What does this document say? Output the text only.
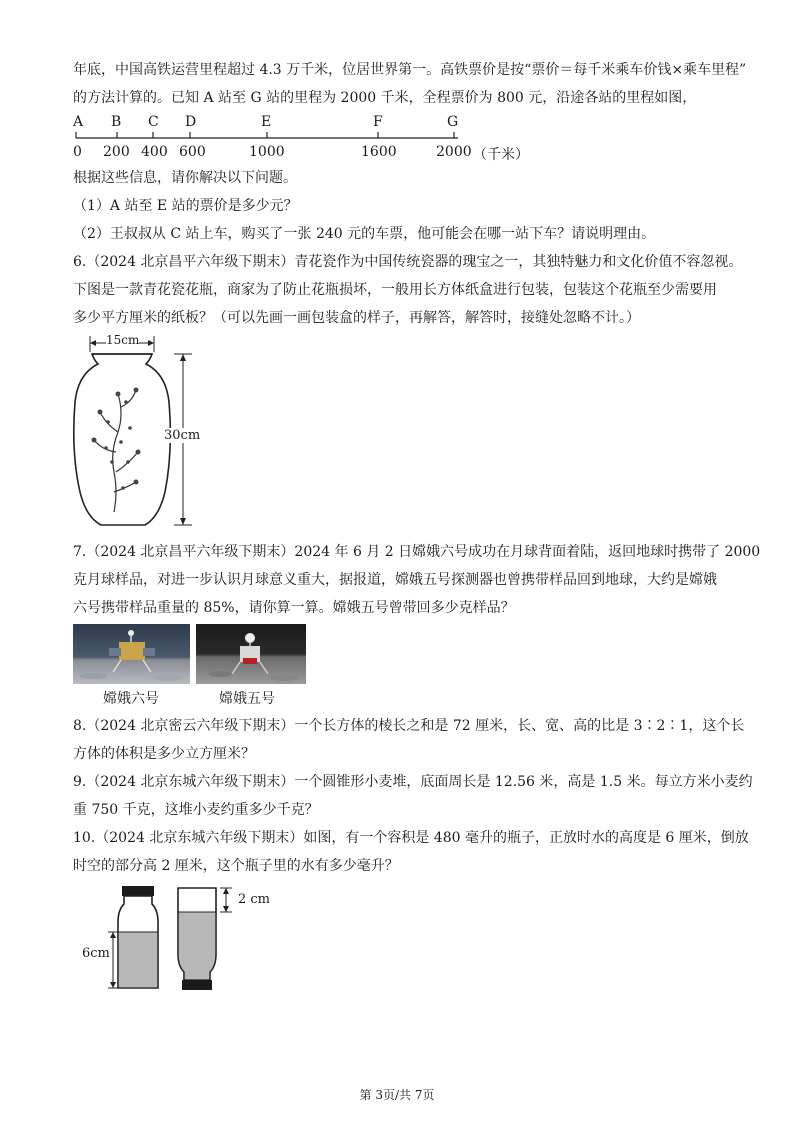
年底，中国高铁运营里程超过 4.3 万千米，位居世界第一。高铁票价是按“票价＝每千米乘车价钱×乘车里程”
的方法计算的。已知 A 站至 G 站的里程为 2000 千米，全程票价为 800 元，沿途各站的里程如图，
A B C D	E	F	G
0 200 400 600	1000	1600	2000 （千米）
根据这些信息，请你解决以下问题。
（1）A 站至 E 站的票价是多少元？
（2）王叔叔从 C 站上车，购买了一张 240 元的车票，他可能会在哪一站下车？请说明理由。
6.（2024 北京昌平六年级下期末）青花瓷作为中国传统瓷器的瑰宝之一，其独特魅力和文化价值不容忽视。
下图是一款青花瓷花瓶，商家为了防止花瓶损坏，一般用长方体纸盒进行包装，包装这个花瓶至少需要用
多少平方厘米的纸板？（可以先画一画包装盒的样子，再解答，解答时，接缝处忽略不计。）
15cm
30cm
7.（2024 北京昌平六年级下期末）2024 年 6 月 2 日嫦娥六号成功在月球背面着陆，返回地球时携带了 2000
克月球样品，对进一步认识月球意义重大，据报道，嫦娥五号探测器也曾携带样品回到地球，大约是嫦娥
六号携带样品重量的 85%，请你算一算。嫦娥五号曾带回多少克样品？
嫦娥六号	嫦娥五号
8.（2024 北京密云六年级下期末）一个长方体的棱长之和是 72 厘米，长、宽、高的比是 3∶2∶1，这个长
方体的体积是多少立方厘米？
9.（2024 北京东城六年级下期末）一个圆锥形小麦堆，底面周长是 12.56 米，高是 1.5 米。每立方米小麦约
重 750 千克，这堆小麦约重多少千克？
10.（2024 北京东城六年级下期末）如图，有一个容积是 480 毫升的瓶子，正放时水的高度是 6 厘米，倒放
时空的部分高 2 厘米，这个瓶子里的水有多少毫升？
6cm
2 cm
第 3页/共 7页
